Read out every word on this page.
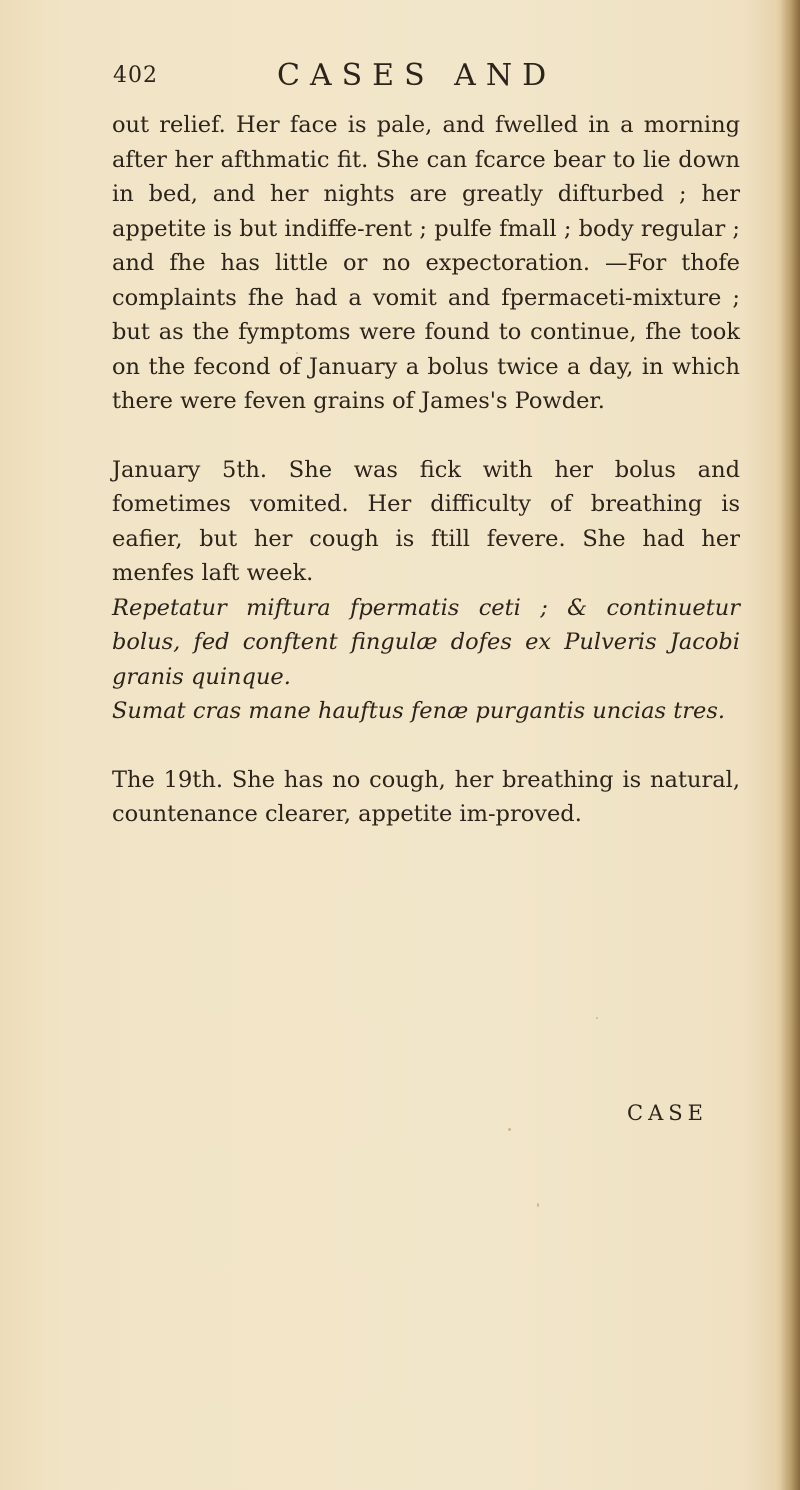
402	CASES AND

out relief. Her face is pale, and fwelled in a morning after her afthmatic fit. She can fcarce bear to lie down in bed, and her nights are greatly difturbed ; her appetite is but indiffe-rent ; pulfe fmall ; body regular ; and fhe has little or no expectoration. —For thofe complaints fhe had a vomit and fpermaceti-mixture ; but as the fymptoms were found to continue, fhe took on the fecond of January a bolus twice a day, in which there were feven grains of James's Powder.

January 5th. She was fick with her bolus and fometimes vomited. Her difficulty of breathing is eafier, but her cough is ftill fevere. She had her menfes laft week.

Repetatur miftura fpermatis ceti ; & continuetur bolus, fed conftent fingulæ dofes ex Pulveris Jacobi granis quinque.

Sumat cras mane hauftus fenæ purgantis uncias tres.

The 19th. She has no cough, her breathing is natural, countenance clearer, appetite im-proved.

CASE
